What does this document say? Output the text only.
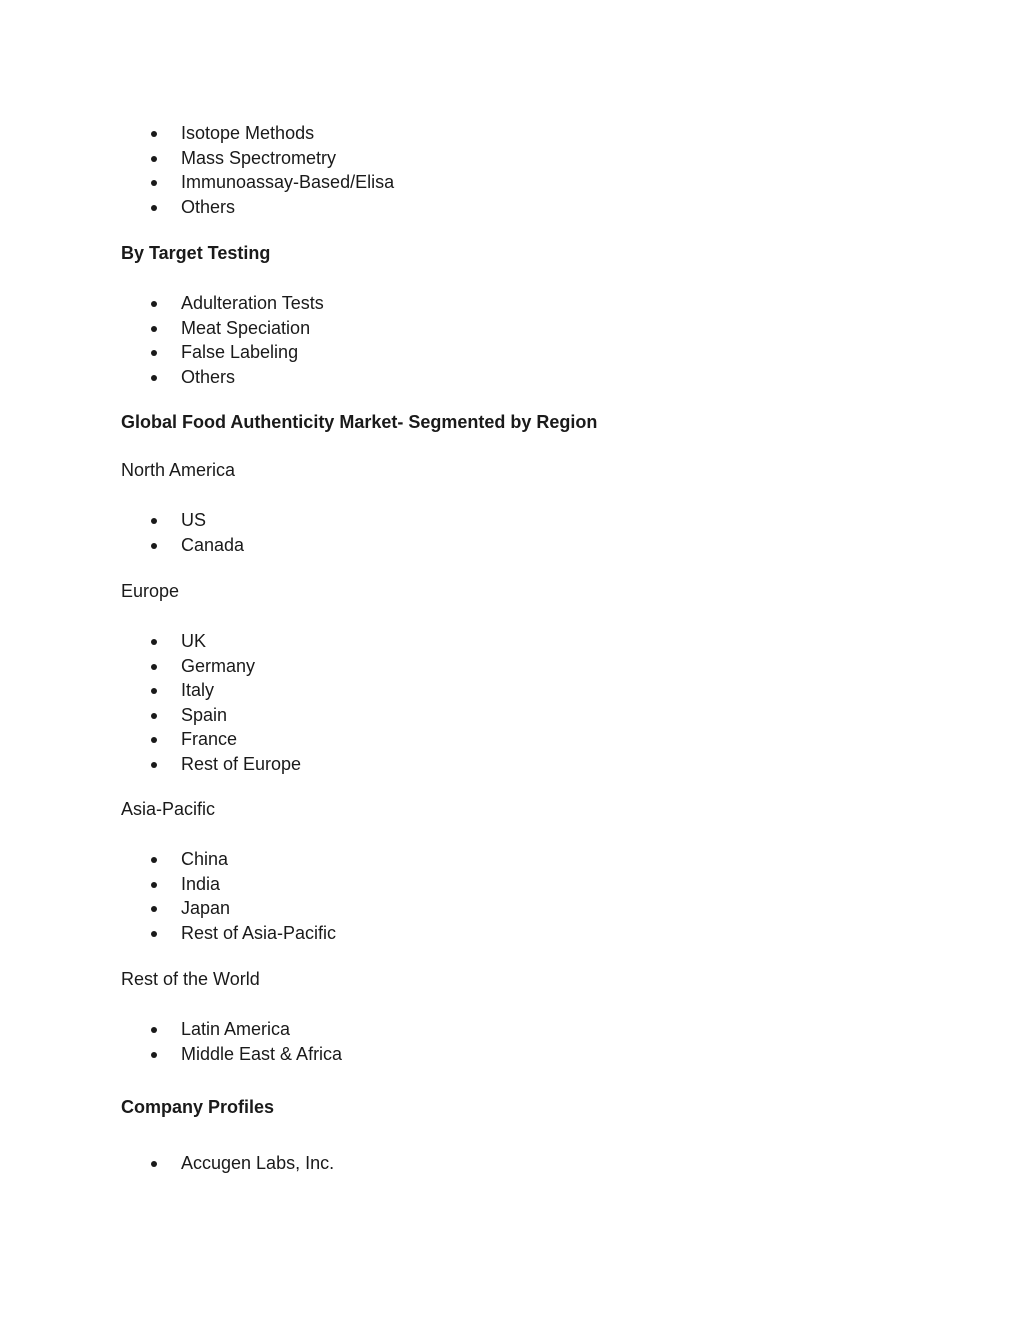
Isotope Methods
Mass Spectrometry
Immunoassay-Based/Elisa
Others
By Target Testing
Adulteration Tests
Meat Speciation
False Labeling
Others
Global Food Authenticity Market- Segmented by Region
North America
US
Canada
Europe
UK
Germany
Italy
Spain
France
Rest of Europe
Asia-Pacific
China
India
Japan
Rest of Asia-Pacific
Rest of the World
Latin America
Middle East & Africa
Company Profiles
Accugen Labs, Inc.
